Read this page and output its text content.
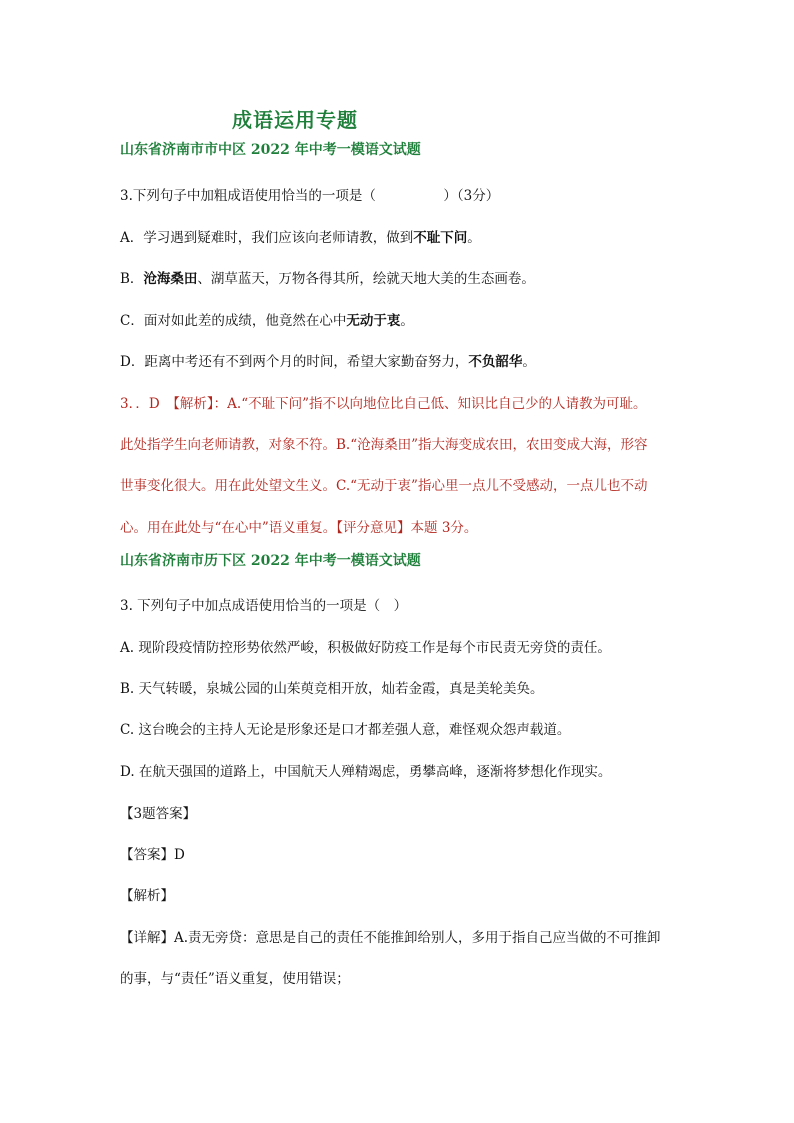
成语运用专题
山东省济南市市中区 2022 年中考一模语文试题
3.下列句子中加粗成语使用恰当的一项是（　　　　　）（3分）
A．学习遇到疑难时，我们应该向老师请教，做到不耻下问。
B．沧海桑田、湖草蓝天，万物各得其所，绘就天地大美的生态画卷。
C．面对如此差的成绩，他竟然在心中无动于衷。
D．距离中考还有不到两个月的时间，希望大家勤奋努力，不负韶华。
3．．D　【解析】：A.“不耻下问”指不以向地位比自己低、知识比自己少的人请教为可耻。
此处指学生向老师请教，对象不符。B.“沧海桑田”指大海变成农田，农田变成大海，形容
世事变化很大。用在此处望文生义。C.“无动于衷”指心里一点儿不受感动，一点儿也不动
心。用在此处与“在心中”语义重复。【评分意见】本题 3分。
山东省济南市历下区 2022 年中考一模语文试题
3. 下列句子中加点成语使用恰当的一项是（　）
A. 现阶段疫情防控形势依然严峻，积极做好防疫工作是每个市民责无旁贷的责任。
B. 天气转暖，泉城公园的山茱萸竞相开放，灿若金霞，真是美轮美奂。
C. 这台晚会的主持人无论是形象还是口才都差强人意，难怪观众怨声载道。
D. 在航天强国的道路上，中国航天人殚精竭虑，勇攀高峰，逐渐将梦想化作现实。
【3题答案】
【答案】D
【解析】
【详解】A.责无旁贷：意思是自己的责任不能推卸给别人，多用于指自己应当做的不可推卸
的事，与“责任”语义重复，使用错误；
